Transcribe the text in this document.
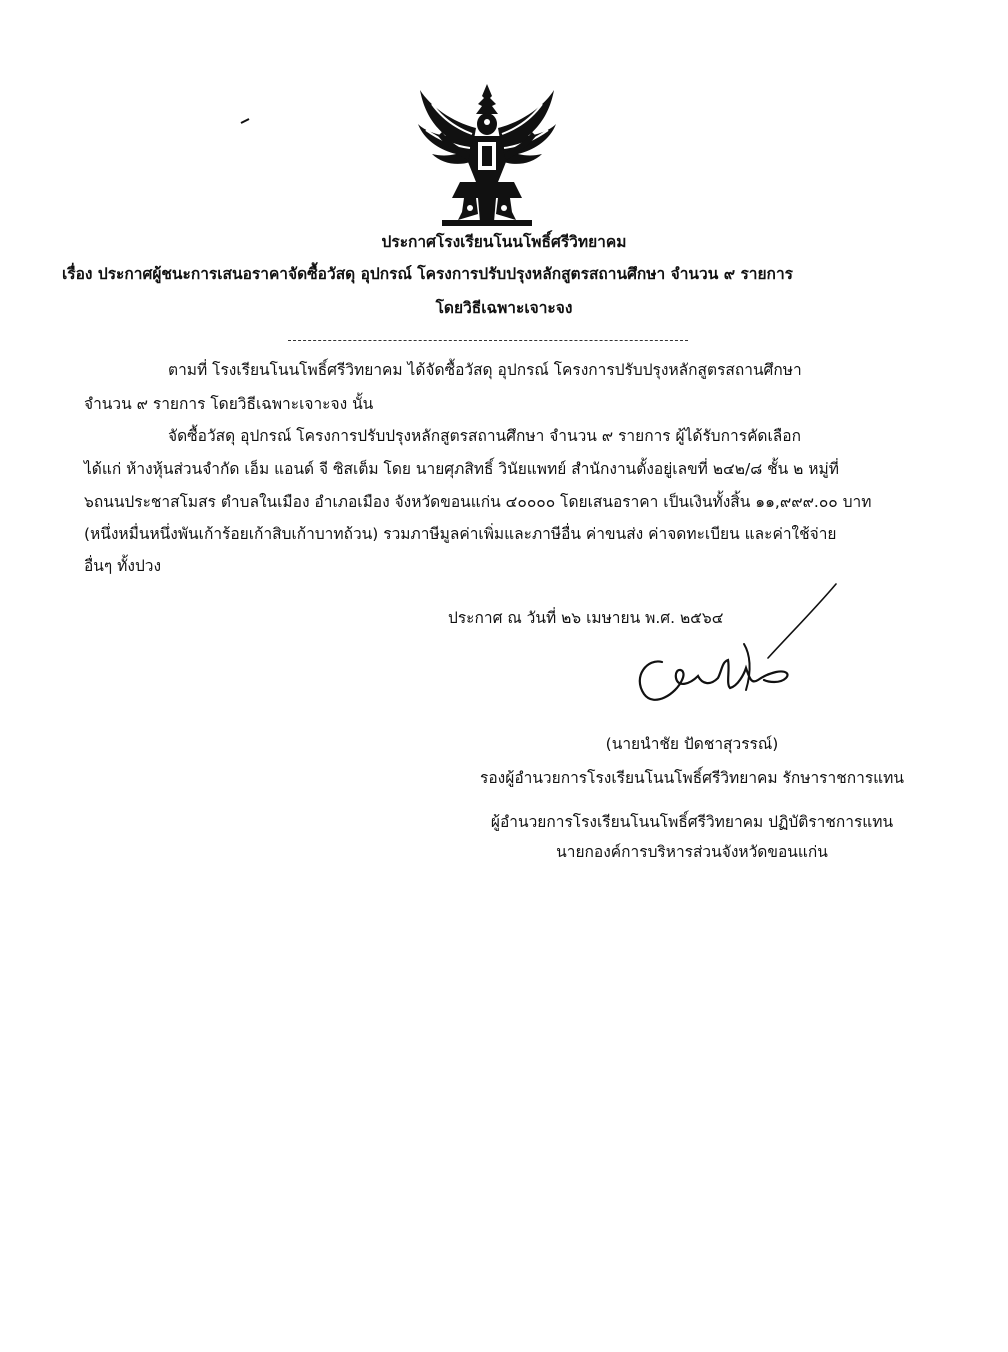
ประกาศโรงเรียนโนนโพธิ์ศรีวิทยาคม
เรื่อง ประกาศผู้ชนะการเสนอราคาจัดซื้อวัสดุ อุปกรณ์ โครงการปรับปรุงหลักสูตรสถานศึกษา จำนวน ๙ รายการ
โดยวิธีเฉพาะเจาะจง
ตามที่ โรงเรียนโนนโพธิ์ศรีวิทยาคม ได้จัดซื้อวัสดุ อุปกรณ์ โครงการปรับปรุงหลักสูตรสถานศึกษา
จำนวน ๙ รายการ โดยวิธีเฉพาะเจาะจง นั้น
จัดซื้อวัสดุ อุปกรณ์ โครงการปรับปรุงหลักสูตรสถานศึกษา จำนวน ๙ รายการ ผู้ได้รับการคัดเลือก
ได้แก่ ห้างหุ้นส่วนจำกัด เอ็ม แอนด์ จี ซิสเต็ม โดย นายศุภสิทธิ์ วินัยแพทย์ สำนักงานตั้งอยู่เลขที่ ๒๔๒/๘ ชั้น ๒ หมู่ที่
๖ถนนประชาสโมสร ตำบลในเมือง อำเภอเมือง จังหวัดขอนแก่น ๔๐๐๐๐ โดยเสนอราคา เป็นเงินทั้งสิ้น ๑๑,๙๙๙.๐๐ บาท
(หนึ่งหมื่นหนึ่งพันเก้าร้อยเก้าสิบเก้าบาทถ้วน) รวมภาษีมูลค่าเพิ่มและภาษีอื่น ค่าขนส่ง ค่าจดทะเบียน และค่าใช้จ่าย
อื่นๆ ทั้งปวง
ประกาศ ณ วันที่ ๒๖ เมษายน พ.ศ. ๒๕๖๔
(นายนำชัย ปัดชาสุวรรณ์)
รองผู้อำนวยการโรงเรียนโนนโพธิ์ศรีวิทยาคม รักษาราชการแทน
ผู้อำนวยการโรงเรียนโนนโพธิ์ศรีวิทยาคม ปฏิบัติราชการแทน
นายกองค์การบริหารส่วนจังหวัดขอนแก่น
